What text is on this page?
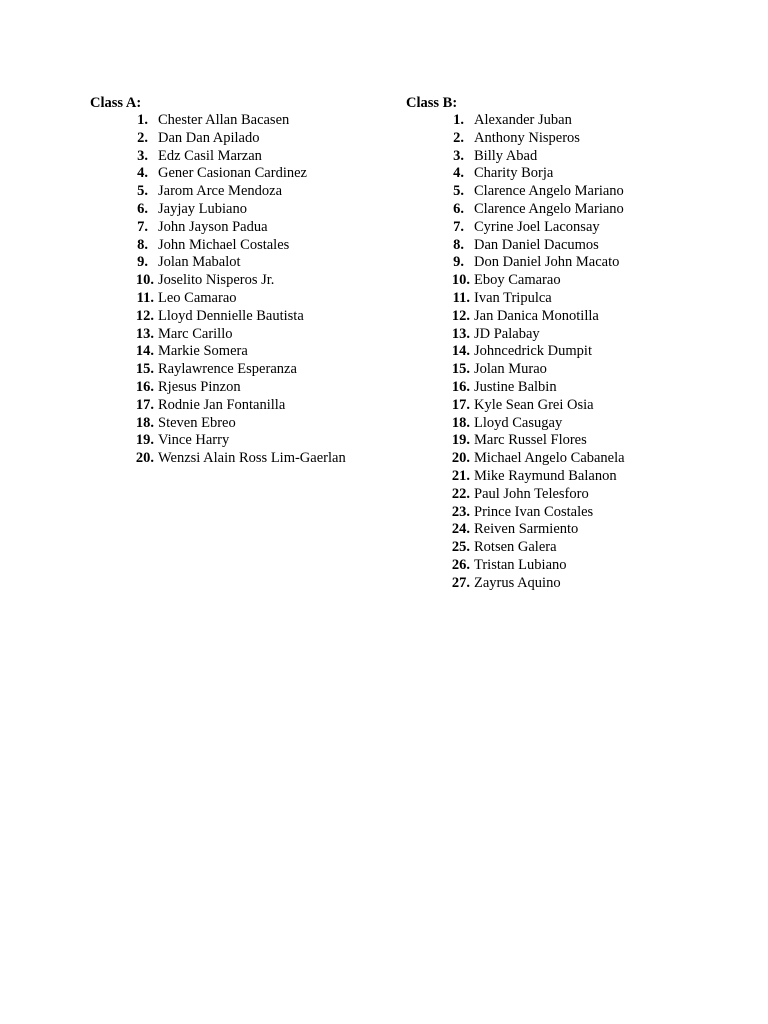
Class A:
1. Chester Allan Bacasen
2. Dan Dan Apilado
3. Edz Casil Marzan
4. Gener Casionan Cardinez
5. Jarom Arce Mendoza
6. Jayjay Lubiano
7. John Jayson Padua
8. John Michael Costales
9. Jolan Mabalot
10. Joselito Nisperos Jr.
11. Leo Camarao
12. Lloyd Dennielle Bautista
13. Marc Carillo
14. Markie Somera
15. Raylawrence Esperanza
16. Rjesus Pinzon
17. Rodnie Jan Fontanilla
18. Steven Ebreo
19. Vince Harry
20. Wenzsi Alain Ross Lim-Gaerlan
Class B:
1. Alexander Juban
2. Anthony Nisperos
3. Billy Abad
4. Charity Borja
5. Clarence Angelo Mariano
6. Clarence Angelo Mariano
7. Cyrine Joel Laconsay
8. Dan Daniel Dacumos
9. Don Daniel John Macato
10. Eboy Camarao
11. Ivan Tripulca
12. Jan Danica Monotilla
13. JD Palabay
14. Johncedrick Dumpit
15. Jolan Murao
16. Justine Balbin
17. Kyle Sean Grei Osia
18. Lloyd Casugay
19. Marc Russel Flores
20. Michael Angelo Cabanela
21. Mike Raymund Balanon
22. Paul John Telesforo
23. Prince Ivan Costales
24. Reiven Sarmiento
25. Rotsen Galera
26. Tristan Lubiano
27. Zayrus Aquino
